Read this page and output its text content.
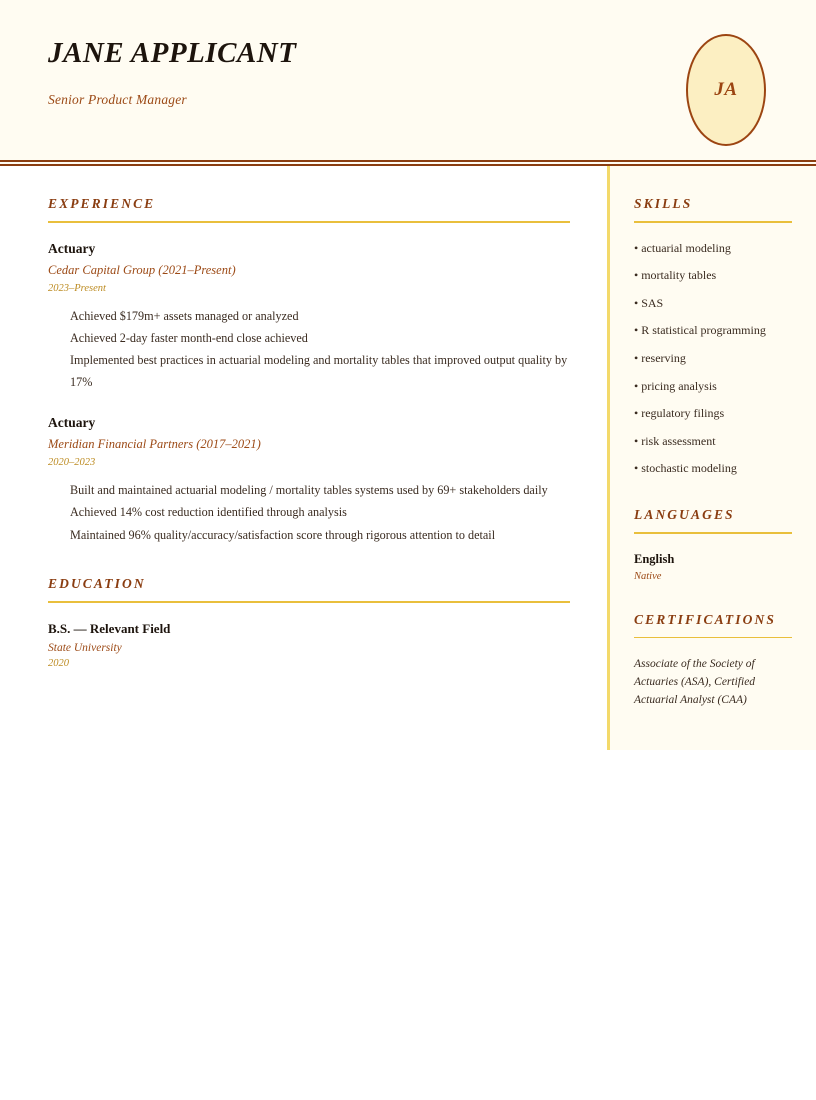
JANE APPLICANT
Senior Product Manager	JA
EXPERIENCE
Actuary
Cedar Capital Group (2021–Present)
2023–Present
Achieved $179m+ assets managed or analyzed
Achieved 2-day faster month-end close achieved
Implemented best practices in actuarial modeling and mortality tables that improved output quality by 17%
Actuary
Meridian Financial Partners (2017–2021)
2020–2023
Built and maintained actuarial modeling / mortality tables systems used by 69+ stakeholders daily
Achieved 14% cost reduction identified through analysis
Maintained 96% quality/accuracy/satisfaction score through rigorous attention to detail
EDUCATION
B.S. — Relevant Field
State University
2020
SKILLS
• actuarial modeling
• mortality tables
• SAS
• R statistical programming
• reserving
• pricing analysis
• regulatory filings
• risk assessment
• stochastic modeling
LANGUAGES
English
Native
CERTIFICATIONS
Associate of the Society of Actuaries (ASA), Certified Actuarial Analyst (CAA)
